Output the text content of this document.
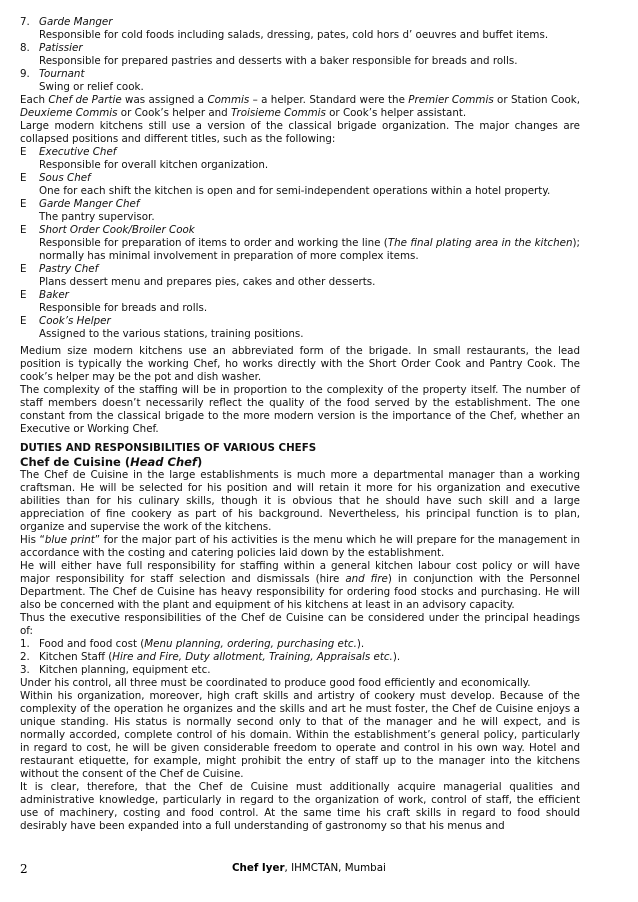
7. Garde Manger
Responsible for cold foods including salads, dressing, pates, cold hors d’ oeuvres and buffet items.
8. Patissier
Responsible for prepared pastries and desserts with a baker responsible for breads and rolls.
9. Tournant
Swing or relief cook.
Each Chef de Partie was assigned a Commis – a helper. Standard were the Premier Commis or Station Cook, Deuxieme Commis or Cook’s helper and Troisieme Commis or Cook’s helper assistant.
Large modern kitchens still use a version of the classical brigade organization. The major changes are collapsed positions and different titles, such as the following:
E	Executive Chef
Responsible for overall kitchen organization.
E	Sous Chef
One for each shift the kitchen is open and for semi-independent operations within a hotel property.
E	Garde Manger Chef
The pantry supervisor.
E	Short Order Cook/Broiler Cook
Responsible for preparation of items to order and working the line (The final plating area in the kitchen); normally has minimal involvement in preparation of more complex items.
E	Pastry Chef
Plans dessert menu and prepares pies, cakes and other desserts.
E	Baker
Responsible for breads and rolls.
E	Cook’s Helper
Assigned to the various stations, training positions.
Medium size modern kitchens use an abbreviated form of the brigade. In small restaurants, the lead position is typically the working Chef, ho works directly with the Short Order Cook and Pantry Cook. The cook’s helper may be the pot and dish washer.
The complexity of the staffing will be in proportion to the complexity of the property itself. The number of staff members doesn’t necessarily reflect the quality of the food served by the establishment. The one constant from the classical brigade to the more modern version is the importance of the Chef, whether an Executive or Working Chef.
DUTIES AND RESPONSIBILITIES OF VARIOUS CHEFS
Chef de Cuisine (Head Chef)
The Chef de Cuisine in the large establishments is much more a departmental manager than a working craftsman. He will be selected for his position and will retain it more for his organization and executive abilities than for his culinary skills, though it is obvious that he should have such skill and a large appreciation of fine cookery as part of his background. Nevertheless, his principal function is to plan, organize and supervise the work of the kitchens.
His “blue print” for the major part of his activities is the menu which he will prepare for the management in accordance with the costing and catering policies laid down by the establishment.
He will either have full responsibility for staffing within a general kitchen labour cost policy or will have major responsibility for staff selection and dismissals (hire and fire) in conjunction with the Personnel Department. The Chef de Cuisine has heavy responsibility for ordering food stocks and purchasing. He will also be concerned with the plant and equipment of his kitchens at least in an advisory capacity.
Thus the executive responsibilities of the Chef de Cuisine can be considered under the principal headings of:
1. Food and food cost (Menu planning, ordering, purchasing etc.).
2. Kitchen Staff (Hire and Fire, Duty allotment, Training, Appraisals etc.).
3. Kitchen planning, equipment etc.
Under his control, all three must be coordinated to produce good food efficiently and economically.
Within his organization, moreover, high craft skills and artistry of cookery must develop. Because of the complexity of the operation he organizes and the skills and art he must foster, the Chef de Cuisine enjoys a unique standing. His status is normally second only to that of the manager and he will expect, and is normally accorded, complete control of his domain. Within the establishment’s general policy, particularly in regard to cost, he will be given considerable freedom to operate and control in his own way. Hotel and restaurant etiquette, for example, might prohibit the entry of staff up to the manager into the kitchens without the consent of the Chef de Cuisine.
It is clear, therefore, that the Chef de Cuisine must additionally acquire managerial qualities and administrative knowledge, particularly in regard to the organization of work, control of staff, the efficient use of machinery, costing and food control. At the same time his craft skills in regard to food should desirably have been expanded into a full understanding of gastronomy so that his menus and
2	Chef Iyer, IHMCTAN, Mumbai
